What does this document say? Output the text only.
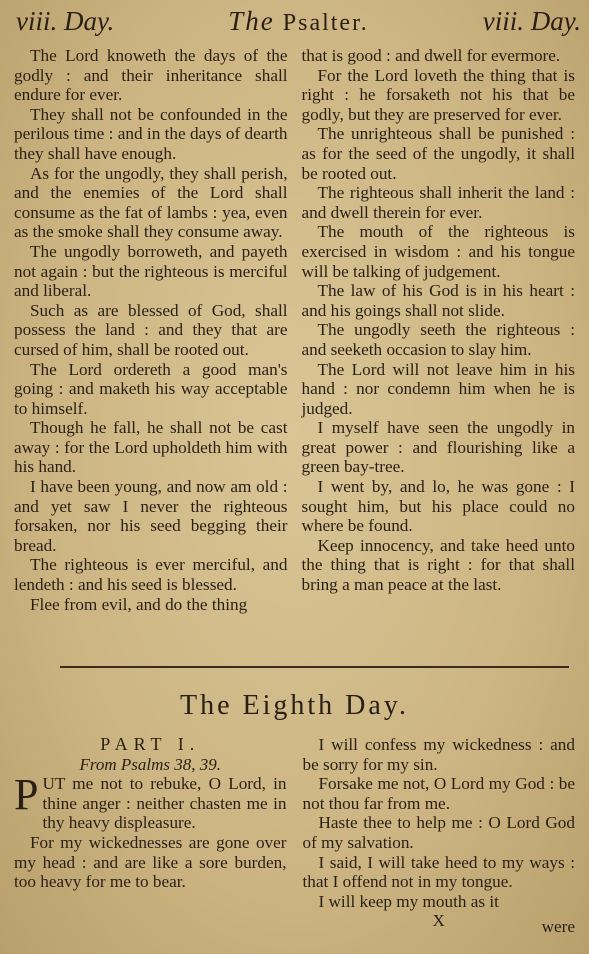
viii. Day.	The Psalter.	viii. Day.

The Lord knoweth the days of the godly : and their inheritance shall endure for ever.

They shall not be confounded in the perilous time : and in the days of dearth they shall have enough.

As for the ungodly, they shall perish, and the enemies of the Lord shall consume as the fat of lambs : yea, even as the smoke shall they consume away.

The ungodly borroweth, and payeth not again : but the righteous is merciful and liberal.

Such as are blessed of God, shall possess the land : and they that are cursed of him, shall be rooted out.

The Lord ordereth a good man's going : and maketh his way acceptable to himself.

Though he fall, he shall not be cast away : for the Lord upholdeth him with his hand.

I have been young, and now am old : and yet saw I never the righteous forsaken, nor his seed begging their bread.

The righteous is ever merciful, and lendeth : and his seed is blessed.

Flee from evil, and do the thing

that is good : and dwell for evermore.

For the Lord loveth the thing that is right : he forsaketh not his that be godly, but they are preserved for ever.

The unrighteous shall be punished : as for the seed of the ungodly, it shall be rooted out.

The righteous shall inherit the land : and dwell therein for ever.

The mouth of the righteous is exercised in wisdom : and his tongue will be talking of judgement.

The law of his God is in his heart : and his goings shall not slide.

The ungodly seeth the righteous : and seeketh occasion to slay him.

The Lord will not leave him in his hand : nor condemn him when he is judged.

I myself have seen the ungodly in great power : and flourishing like a green bay-tree.

I went by, and lo, he was gone : I sought him, but his place could no where be found.

Keep innocency, and take heed unto the thing that is right : for that shall bring a man peace at the last.

The Eighth Day.

PART I.

From Psalms 38, 39.

PUT me not to rebuke, O Lord, in thine anger : neither chasten me in thy heavy displeasure.

For my wickednesses are gone over my head : and are like a sore burden, too heavy for me to bear.

I will confess my wickedness : and be sorry for my sin.

Forsake me not, O Lord my God : be not thou far from me.

Haste thee to help me : O Lord God of my salvation.

I said, I will take heed to my ways : that I offend not in my tongue.

I will keep my mouth as it

X	were
